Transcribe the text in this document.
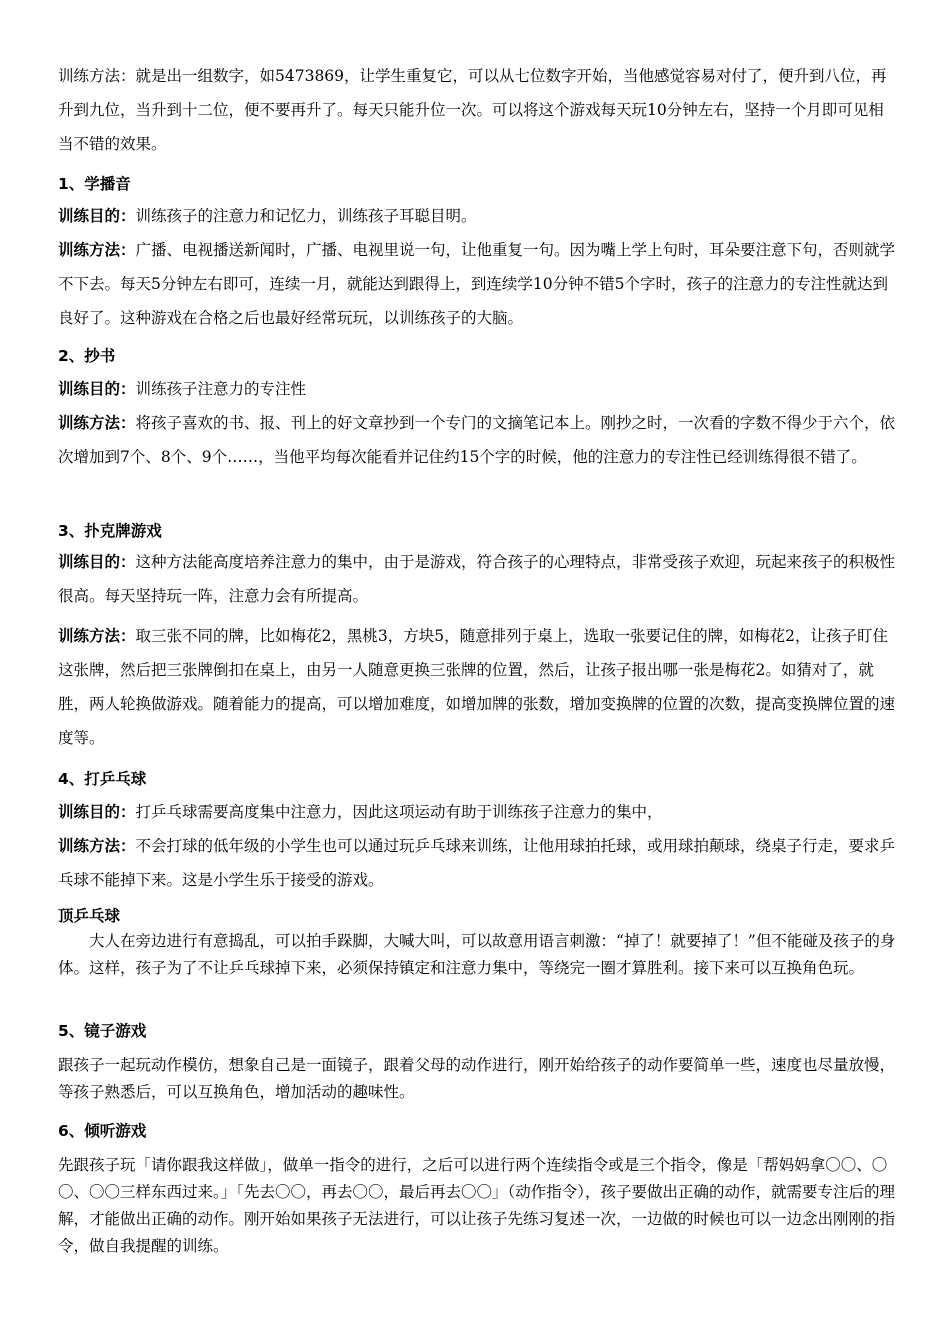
训练方法：就是出一组数字，如5473869，让学生重复它，可以从七位数字开始，当他感觉容易对付了，便升到八位，再升到九位，当升到十二位，便不要再升了。每天只能升位一次。可以将这个游戏每天玩10分钟左右，坚持一个月即可见相当不错的效果。
1、学播音
训练目的：训练孩子的注意力和记忆力，训练孩子耳聪目明。
训练方法：广播、电视播送新闻时，广播、电视里说一句，让他重复一句。因为嘴上学上句时，耳朵要注意下句，否则就学不下去。每天5分钟左右即可，连续一月，就能达到跟得上，到连续学10分钟不错5个字时，孩子的注意力的专注性就达到良好了。这种游戏在合格之后也最好经常玩玩，以训练孩子的大脑。
2、抄书
训练目的：训练孩子注意力的专注性
训练方法：将孩子喜欢的书、报、刊上的好文章抄到一个专门的文摘笔记本上。刚抄之时，一次看的字数不得少于六个，依次增加到7个、8个、9个……，当他平均每次能看并记住约15个字的时候，他的注意力的专注性已经训练得很不错了。
3、扑克牌游戏
训练目的：这种方法能高度培养注意力的集中，由于是游戏，符合孩子的心理特点，非常受孩子欢迎，玩起来孩子的积极性很高。每天坚持玩一阵，注意力会有所提高。
训练方法：取三张不同的牌，比如梅花2，黑桃3，方块5，随意排列于桌上，选取一张要记住的牌，如梅花2，让孩子盯住这张牌，然后把三张牌倒扣在桌上，由另一人随意更换三张牌的位置，然后，让孩子报出哪一张是梅花2。如猜对了，就胜，两人轮换做游戏。随着能力的提高，可以增加难度，如增加牌的张数，增加变换牌的位置的次数，提高变换牌位置的速度等。
4、打乒乓球
训练目的：打乒乓球需要高度集中注意力，因此这项运动有助于训练孩子注意力的集中，
训练方法：不会打球的低年级的小学生也可以通过玩乒乓球来训练，让他用球拍托球，或用球拍颠球，绕桌子行走，要求乒乓球不能掉下来。这是小学生乐于接受的游戏。
顶乒乓球
大人在旁边进行有意捣乱，可以拍手跺脚，大喊大叫，可以故意用语言刺激：“掉了！就要掉了！”但不能碰及孩子的身体。这样，孩子为了不让乒乓球掉下来，必须保持镇定和注意力集中，等绕完一圈才算胜利。接下来可以互换角色玩。
5、镜子游戏
跟孩子一起玩动作模仿，想象自己是一面镜子，跟着父母的动作进行，刚开始给孩子的动作要简单一些，速度也尽量放慢，等孩子熟悉后，可以互换角色，增加活动的趣味性。
6、倾听游戏
先跟孩子玩「请你跟我这样做」，做单一指令的进行，之后可以进行两个连续指令或是三个指令，像是「帮妈妈拿〇〇、〇〇、〇〇三样东西过来。」「先去〇〇，再去〇〇，最后再去〇〇」（动作指令），孩子要做出正确的动作，就需要专注后的理解，才能做出正确的动作。刚开始如果孩子无法进行，可以让孩子先练习复述一次，一边做的时候也可以一边念出刚刚的指令，做自我提醒的训练。
